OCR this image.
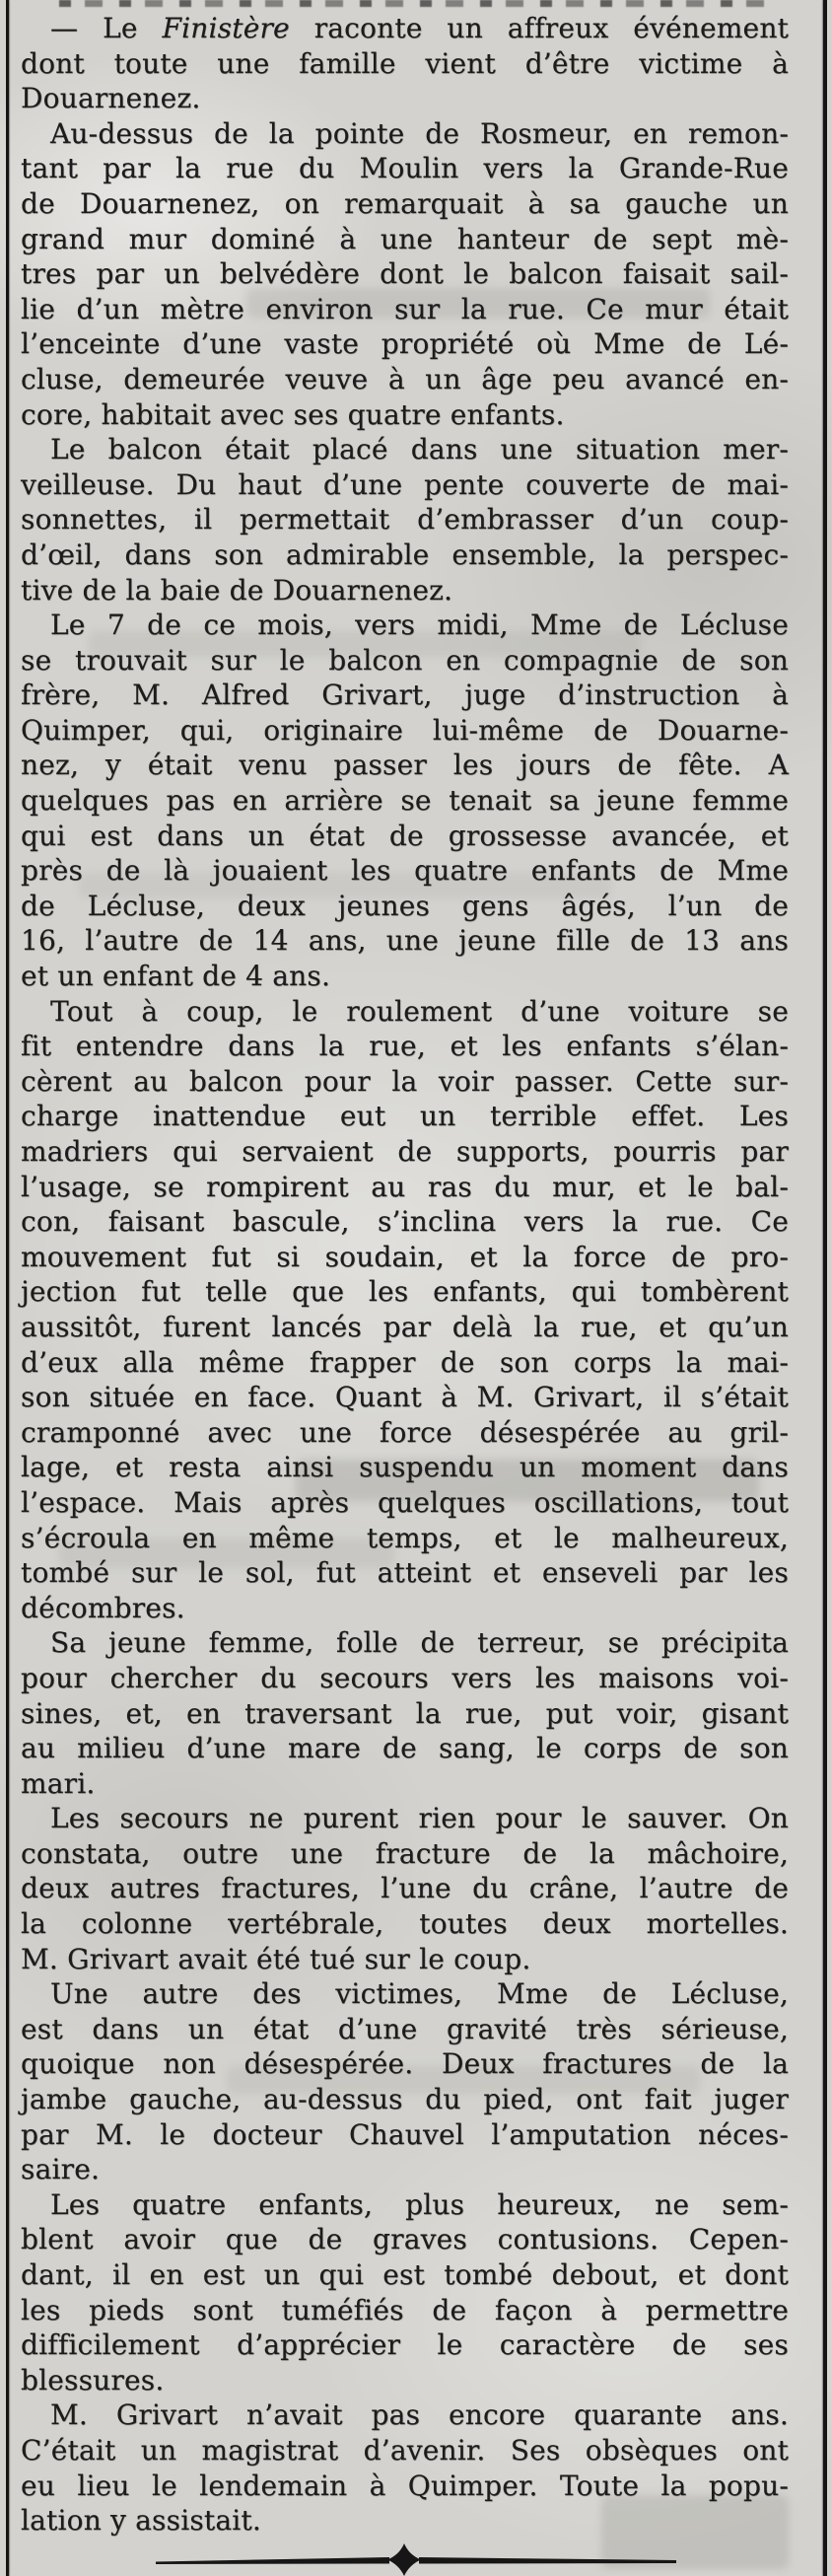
— Le Finistère raconte un affreux événement
dont toute une famille vient d’être victime à
Douarnenez.
Au-dessus de la pointe de Rosmeur, en remon-
tant par la rue du Moulin vers la Grande-Rue
de Douarnenez, on remarquait à sa gauche un
grand mur dominé à une hanteur de sept mè-
tres par un belvédère dont le balcon faisait sail-
lie d’un mètre environ sur la rue. Ce mur était
l’enceinte d’une vaste propriété où Mme de Lé-
cluse, demeurée veuve à un âge peu avancé en-
core, habitait avec ses quatre enfants.
Le balcon était placé dans une situation mer-
veilleuse. Du haut d’une pente couverte de mai-
sonnettes, il permettait d’embrasser d’un coup-
d’œil, dans son admirable ensemble, la perspec-
tive de la baie de Douarnenez.
Le 7 de ce mois, vers midi, Mme de Lécluse
se trouvait sur le balcon en compagnie de son
frère, M. Alfred Grivart, juge d’instruction à
Quimper, qui, originaire lui-même de Douarne-
nez, y était venu passer les jours de fête. A
quelques pas en arrière se tenait sa jeune femme
qui est dans un état de grossesse avancée, et
près de là jouaient les quatre enfants de Mme
de Lécluse, deux jeunes gens âgés, l’un de
16, l’autre de 14 ans, une jeune fille de 13 ans
et un enfant de 4 ans.
Tout à coup, le roulement d’une voiture se
fit entendre dans la rue, et les enfants s’élan-
cèrent au balcon pour la voir passer. Cette sur-
charge inattendue eut un terrible effet. Les
madriers qui servaient de supports, pourris par
l’usage, se rompirent au ras du mur, et le bal-
con, faisant bascule, s’inclina vers la rue. Ce
mouvement fut si soudain, et la force de pro-
jection fut telle que les enfants, qui tombèrent
aussitôt, furent lancés par delà la rue, et qu’un
d’eux alla même frapper de son corps la mai-
son située en face. Quant à M. Grivart, il s’était
cramponné avec une force désespérée au gril-
lage, et resta ainsi suspendu un moment dans
l’espace. Mais après quelques oscillations, tout
s’écroula en même temps, et le malheureux,
tombé sur le sol, fut atteint et enseveli par les
décombres.
Sa jeune femme, folle de terreur, se précipita
pour chercher du secours vers les maisons voi-
sines, et, en traversant la rue, put voir, gisant
au milieu d’une mare de sang, le corps de son
mari.
Les secours ne purent rien pour le sauver. On
constata, outre une fracture de la mâchoire,
deux autres fractures, l’une du crâne, l’autre de
la colonne vertébrale, toutes deux mortelles.
M. Grivart avait été tué sur le coup.
Une autre des victimes, Mme de Lécluse,
est dans un état d’une gravité très sérieuse,
quoique non désespérée. Deux fractures de la
jambe gauche, au-dessus du pied, ont fait juger
par M. le docteur Chauvel l’amputation néces-
saire.
Les quatre enfants, plus heureux, ne sem-
blent avoir que de graves contusions. Cepen-
dant, il en est un qui est tombé debout, et dont
les pieds sont tuméfiés de façon à permettre
difficilement d’apprécier le caractère de ses
blessures.
M. Grivart n’avait pas encore quarante ans.
C’était un magistrat d’avenir. Ses obsèques ont
eu lieu le lendemain à Quimper. Toute la popu-
lation y assistait.
